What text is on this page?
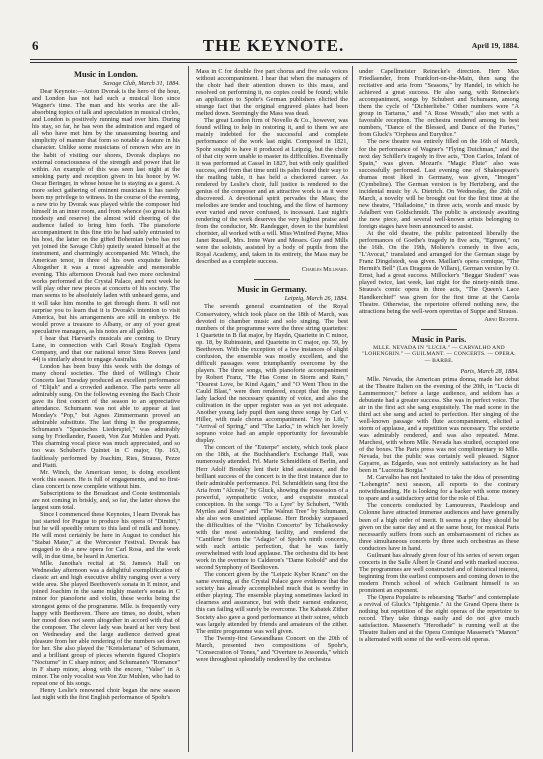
6	THE KEYNOTE.	April 19, 1884.
Music in London.
Savage Club, March 31, 1884.

Dear Keynote:—Anton Dvorak is the hero of the hour, and London has not had such a musical lion since Wagner's time. The man and his works are the all-absorbing topics of talk and speculation in musical circles, and London is positively running mad over him. During his stay, so far, he has won the admiration and regard of all who have met him by the unassuming bearing and simplicity of manner that form so notable a feature in his character. Unlike some musicians of renown who are in the habit of visiting our shores, Dvorak displays no external consciousness of the strength and power that lie within. An example of this was seen last night at the smoking party and reception given in his honor by W. Oscar Beringer, in whose house he is staying as a guest. A more select gathering of eminent musicians it has rarely been my privilege to witness. In the course of the evening, a new trio by Dvorak was played while the composer hid himself in an inner room, and from whence (so great is his modesty and reserve) the almost wild cheering of the audience failed to bring him forth. The pianoforte accompaniment in this fine trio he had safely entrusted to his host, the latter on the gifted Bohemian (who has not yet joined the Savage Club) quietly seated himself at the instrument, and charmingly accompanied Mr. Winch, the American tenor, in three of his own exquisite lieder. Altogether it was a most agreeable and memorable evening. This afternoon Dvorak had two more orchestral works performed at the Crystal Palace, and next week he will play other new pieces at concerts of his society. The man seems to be absolutely laden with unheard gems, and it will take him months to get through them. It will not surprise you to learn that it is Dvorak's intention to visit America, but his arrangements are still in embryo. He would prove a treasure to Albany, or any of your great speculative managers, as his notes are all golden.

I hear that Harvard's musicals are coming to Drury Lane, in connection with Carl Rosa's English Opera Company, and that our national tenor Sims Reeves (and 44) is similarly about to engage Australia.

London has been busy this week with the doings of many choral societies. The third of Willing's Choir Concerts last Tuesday produced an excellent performance of "Elijah" and a crowded audience. The parts were all admirably sung. On the following evening the Bach Choir gave its first concert of the season to an appreciative attendance. Schumann was not able to appear at last Monday's "Pop," but Agnes Zimmermann proved an admirable substitute. The last thing in the programme, Schumann's "Spanisches Liederspiel," was admirably sung by Friedlander, Fassett, Von Zur Muhlen and Pyatt. This charming vocal piece was much appreciated, and so too was Schubert's Quintet in C major, Op. 163, faultlessly performed by Joachim, Ries, Strauss, Pezze and Piatti.

Mr. Winch, the American tenor, is doing excellent work this season. He is full of engagements, and no first-class concert is now complete without him.

Subscriptions to the Broadcast and Coote testimonials are not coming in briskly, and, so far, the latter shows the largest sum total.

Since I commenced these Keynotes, I learn Dvorak has just started for Prague to produce his opera of "Dimitri," but he will speedily return to this land of milk and honey. He will most certainly be here in August to conduct his "Stabat Mater," at the Worcester Festival. Dvorak has engaged to do a new opera for Carl Rosa, and the work will, in due time, be heard in America.

Mlle. Janotha's recital at St. James's Hall on Wednesday afternoon was a delightful exemplification of classic art and high executive ability ranging over a very wide area. She played Beethoven's sonata in E minor, and joined Joachim in the same mighty master's sonata in C minor for pianoforte and violin, these works being the strongest gems of the programme. Mlle. is frequently very happy with Beethoven. There are times, no doubt, when her mood does not seem altogether in accord with that of the composer. The clever lady was heard at her very best on Wednesday and the large audience derived great pleasure from her able rendering of the numbers set down for her. She also played the "Kreisleriana" of Schumann, and a brilliant group of pieces wherein figured Chopin's "Nocturne" in C sharp minor, and Schumann's "Romance" in F sharp minor, along with the encore, "Valse" in A minor. The only vocalist was Von Zur Muhlen, who had to repeat one of his songs.

Henry Leslie's renowned choir began the new season last night with the first English performance of Spohr's

Mass in C for double five part chorus and five solo voices without accompaniment. I hear that when the managers of the choir had their attention drawn to this mass, and resolved on performing it, no copies could be found; while an application to Spohr's German publishers elicited the strange fact that the original engraved plates had been melted down. Seemingly the Mass was dead.

The great London firm of Novello & Co., however, was found willing to help in restoring it, and to them we are mainly indebted for the successful and complete performance of the work last night. Composed in 1821, Spohr sought to have it produced at Leipzig, but the choir of that city were unable to master its difficulties. Eventually it was performed at Cassel in 1827, but with only qualified success, and from that time until its palm found their way to the mailing table, it has held a checkered career. As rendered by Leslie's choir, full justice is rendered to the genius of the composer and an attractive work is as it were discovered. A devotional spirit pervades the Mass; the melodies are tender and touching, and the flow of harmony ever varied and never confused, is incessant. Last night's rendering of the work deserves the very highest praise and from the conductor, Mr. Randegger, down to the humblest chorister, all worked with a will. Miss Winifred Payne, Miss Janet Russell, Mrs. Irene Ware and Messrs. Guy and Mills were the soloists, assisted by a body of pupils from the Royal Academy, and, taken in its entirety, the Mass may be described as a complete success.

Charles Millward.
Music in Germany.
Leipzig, March 26, 1884.

The seventh general examination of the Royal Conservatory, which took place on the 18th of March, was devoted to chamber music and solo singing. The best numbers of the programme were the three string quartettes: 1 Quartette in B flat major, by Haydn, Quartette in C minor, op. 18, by Rubinstein, and Quartette in C major, op. 59, by Beethoven. With the exception of a few instances of slight confusion, the ensemble was mostly excellent, and the difficult passages were triumphantly overcome by the players. The three songs, with pianoforte accompaniment by Robert Franz, "He Has Come in Storm and Rain," "Dearest Love, be Kind Again," and "O Went Thou in the Cauld Blast," were then rendered, except that the young lady lacked the necessary quantity of voice, and also the cultivation in the upper register was as yet not adequate. Another young lady pupil then sang three songs by Carl v. Hiller, with male chorus accompaniment. "Joy in Life," "Arrival of Spring," and "The Larks," in which her lovely soprano voice had an ample opportunity for favourable display.

The concert of the "Euterpe" society, which took place on the 18th, at the Buchhandler's Exchange Hall, was numerously attended. Frl. Marie Schmidtlein of Berlin, and Herr Adolf Brodsky lent their kind assistance, and the brilliant success of the concert is in the first instance due to their admirable performance. Frl. Schmidtlein sang first the Aria from "Alceste," by Gluck, showing the possession of a powerful, sympathetic voice, and exquisite musical conception. In the songs "To a Lyre" by Schubert, "With Myrtles and Roses" and "The Walnut Tree" by Schumann, she also won unstinted applause. Herr Brodsky surpassed the difficulties of the "Violin Concerto" by Tchaikowsky with the most astonishing facility, and rendered the "Cantilene" from the "Adagio" of Spohr's ninth concerto, with such artistic perfection, that he was fairly overwhelmed with loud applause. The orchestra did its best work in the overture to Calderon's "Dame Kobold" and the second Symphony of Beethoven.

The concert given by the "Leipzic Kyber Kranz" on the same evening, at the Crystal Palace gave evidence that the society has already accomplished much that is worthy in either playing. The ensemble playing sometimes lacked in clearness and assurance, but with their earnest endeavor, this can failing will surely be overcome. The Kabatek Zither Society also gave a good performance at their soiree, which was largely attended by friends and amateurs of the zither. The entire programme was well given.

The Twenty-first Gewandhaus Concert on the 20th of March, presented two compositions of Spohr's, "Consecration of Tones," and "Overture to Jessonda," which were throughout splendidly rendered by the orchestra

under Capellmeister Reinecke's direction. Herr Max Friedlaender, from Frankfort-on-the-Main, then sang the recitative and aria from "Seasons," by Handel, in which he achieved a great success. He also sang, with Reinecke's accompaniment, songs by Schubert and Schumann, among them the cycle of "Dichterliebe." Other numbers were "A group in Tartarus," and "A Rose Wreath," also met with a favorable reception. The orchestra rendered among its best numbers, "Dance of the Blessed, and Dance of the Furies," from Gluck's "Orpheus and Eurydice."

The new theatre was entirely filled on the 16th of March, for the performance of Wagner's "Flying Dutchman," and the next day Schiller's tragedy in five acts, "Don Carlos, Infant of Spain," was given. Mozart's "Magic Flute" also was successfully performed. Last evening one of Shakespeare's dramas most liked in Germany, was given, "Imogen" (Cymbeline). The German version is by Hertzberg, and the incidental music by A. Dietrich. On Wednesday, the 26th of March, a novelty will be brought out for the first time at the new theatre, "Halladoine," in three acts, words and music by Adalbert von Goldschmidt. The public is anxiously awaiting the new piece, and several well-known artists belonging to foreign stages have been announced to assist.

At the old theatre, the public patronized liberally the performances of Goethe's tragedy in five acts, "Egmont," on the 16th. On the 19th, Moliere's comedy in five acts, "L'Avocat," translated and arranged for the German stage by Franz Dingelstedt, was given. Maillart's opera comique, "The Hermit's Bell" (Les Dragons de Villars), German version by O. Ernst, had a great success. Millocker's "Beggar Student" was played twice, last week, last night for the ninety-ninth time. Strauss's comic opera in three acts, "The Queen's Lace Handkerchief" was given for the first time at the Carola Theatre. Otherwise, the repertoire offered nothing new, the attractions being the well-worn operettas of Suppe and Strauss.

Arno Richter.
Music in Paris.
MLLE. NEVADA IN "LUCIA." — CARVALHO AND "LOHENGRIN." — GUILMANT. — CONCERTS. — OPERA. — BARBE.
Paris, March 28, 1884.

Mlle. Nevada, the American prima donna, made her debut at the Theatre Italien on the evening of the 20th, in "Lucia di Lammermoor," before a large audience, and seldom has a debutante had a greater success. She was in perfect voice. The air in the first act she sang exquisitely. The mad scene in the third act she sang and acted to perfection. Her singing of the well-known passage with flute accompaniment, elicited a storm of applause, and a repetition was necessary. The sextette was admirably rendered, and was also repeated. Mme. Marchesi, with whom Mlle. Nevada has studied, occupied one of the boxes. The Paris press was not complimentary to Mlle. Nevada, but the public was certainly well pleased. Signor Gayarre, as Edgardo, was not entirely satisfactory as he had been in "Lucrezia Borgia."

M. Carvalho has not hesitated to take the idea of presenting "Lohengrin" next season, all reports to the contrary notwithstanding. He is looking for a backer with some money to spare and a satisfactory artist for the role of Elsa.

The concerts conducted by Lamoureux, Pasdeloup and Colonne have attracted immense audiences and have generally been of a high order of merit. It seems a pity they should be given on the same day and at the same hour, for musical Paris necessarily suffers from such an embarrassment of riches as three simultaneous concerts by three such orchestras as these conductors have in hand.

Guilmant has already given four of his series of seven organ concerts in the Salle Albert le Grand and with marked success. The programmes are well constructed and of historical interest, beginning from the earliest composers and coming down to the modern French school of which Guilmant himself is so prominent an exponent.

The Opera Populaire is rehearsing "Barbe" and contemplate a revival of Gluck's "Iphigenie." At the Grand Opera there is nothing but repetition of the eight operas of the repertoire to record. They take things easily and do not give much satisfaction. Massenet's "Herodiade" is running well at the Theatre Italien and at the Opera Comique Massenet's "Manon" is alternated with some of the well-worn old operas.
